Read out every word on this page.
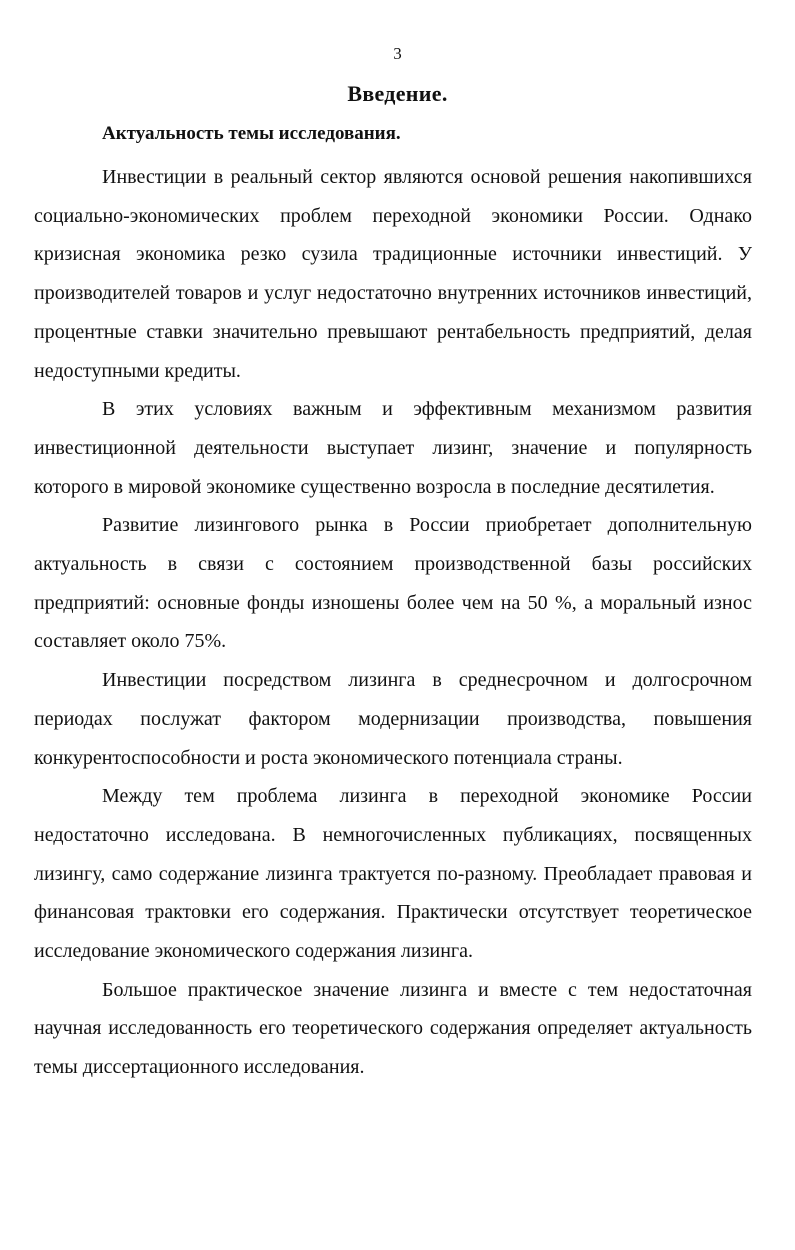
3
Введение.
Актуальность темы исследования.

Инвестиции в реальный сектор являются основой решения накопившихся социально-экономических проблем переходной экономики России. Однако кризисная экономика резко сузила традиционные источники инвестиций. У производителей товаров и услуг недостаточно внутренних источников инвестиций, процентные ставки значительно превышают рентабельность предприятий, делая недоступными кредиты.

В этих условиях важным и эффективным механизмом развития инвестиционной деятельности выступает лизинг, значение и популярность которого в мировой экономике существенно возросла в последние десятилетия.

Развитие лизингового рынка в России приобретает дополнительную актуальность в связи с состоянием производственной базы российских предприятий: основные фонды изношены более чем на 50 %, а моральный износ составляет около 75%.

Инвестиции посредством лизинга в среднесрочном и долгосрочном периодах послужат фактором модернизации производства, повышения конкурентоспособности и роста экономического потенциала страны.

Между тем проблема лизинга в переходной экономике России недостаточно исследована. В немногочисленных публикациях, посвященных лизингу, само содержание лизинга трактуется по-разному. Преобладает правовая и финансовая трактовки его содержания. Практически отсутствует теоретическое исследование экономического содержания лизинга.

Большое практическое значение лизинга и вместе с тем недостаточная научная исследованность его теоретического содержания определяет актуальность темы диссертационного исследования.
